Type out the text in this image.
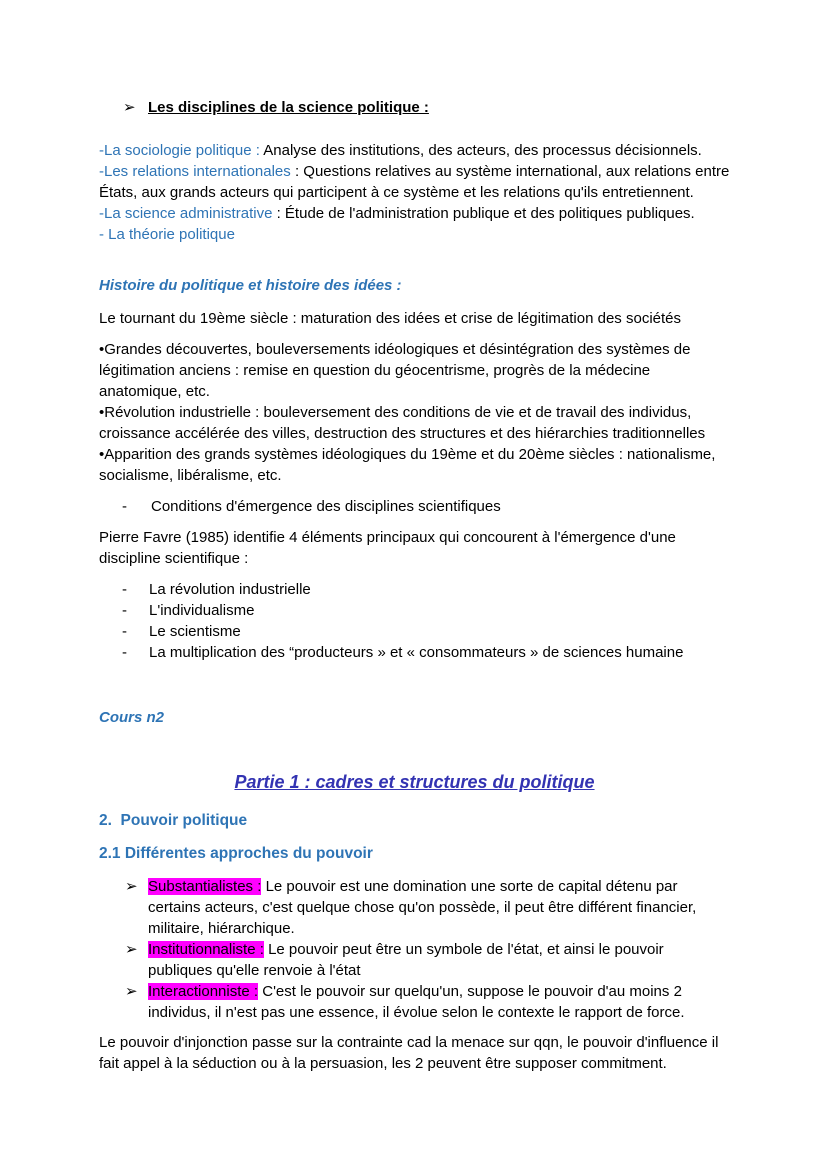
➢ Les disciplines de la science politique :

-La sociologie politique : Analyse des institutions, des acteurs, des processus décisionnels.
-Les relations internationales : Questions relatives au système international, aux relations entre États, aux grands acteurs qui participent à ce système et les relations qu'ils entretiennent.
-La science administrative : Étude de l'administration publique et des politiques publiques.
- La théorie politique

Histoire du politique et histoire des idées :

Le tournant du 19ème siècle : maturation des idées et crise de légitimation des sociétés

•Grandes découvertes, bouleversements idéologiques et désintégration des systèmes de légitimation anciens : remise en question du géocentrisme, progrès de la médecine anatomique, etc.
•Révolution industrielle : bouleversement des conditions de vie et de travail des individus, croissance accélérée des villes, destruction des structures et des hiérarchies traditionnelles
•Apparition des grands systèmes idéologiques du 19ème et du 20ème siècles : nationalisme, socialisme, libéralisme, etc.
-	Conditions d'émergence des disciplines scientifiques

Pierre Favre (1985) identifie 4 éléments principaux qui concourent à l'émergence d'une discipline scientifique :

-	La révolution industrielle
-	L'individualisme
-	Le scientisme
-	La multiplication des “producteurs » et « consommateurs » de sciences humaine

Cours n2

Partie 1 : cadres et structures du politique

2.  Pouvoir politique

2.1 Différentes approches du pouvoir

➢ Substantialistes : Le pouvoir est une domination une sorte de capital détenu par certains acteurs, c'est quelque chose qu'on possède, il peut être différent financier, militaire, hiérarchique.
➢ Institutionnaliste : Le pouvoir peut être un symbole de l'état, et ainsi le pouvoir publiques qu'elle renvoie à l'état
➢ Interactionniste : C'est le pouvoir sur quelqu'un, suppose le pouvoir d'au moins 2 individus, il n'est pas une essence, il évolue selon le contexte le rapport de force.

Le pouvoir d'injonction passe sur la contrainte cad la menace sur qqn, le pouvoir d'influence il fait appel à la séduction ou à la persuasion, les 2 peuvent être supposer commitment.
